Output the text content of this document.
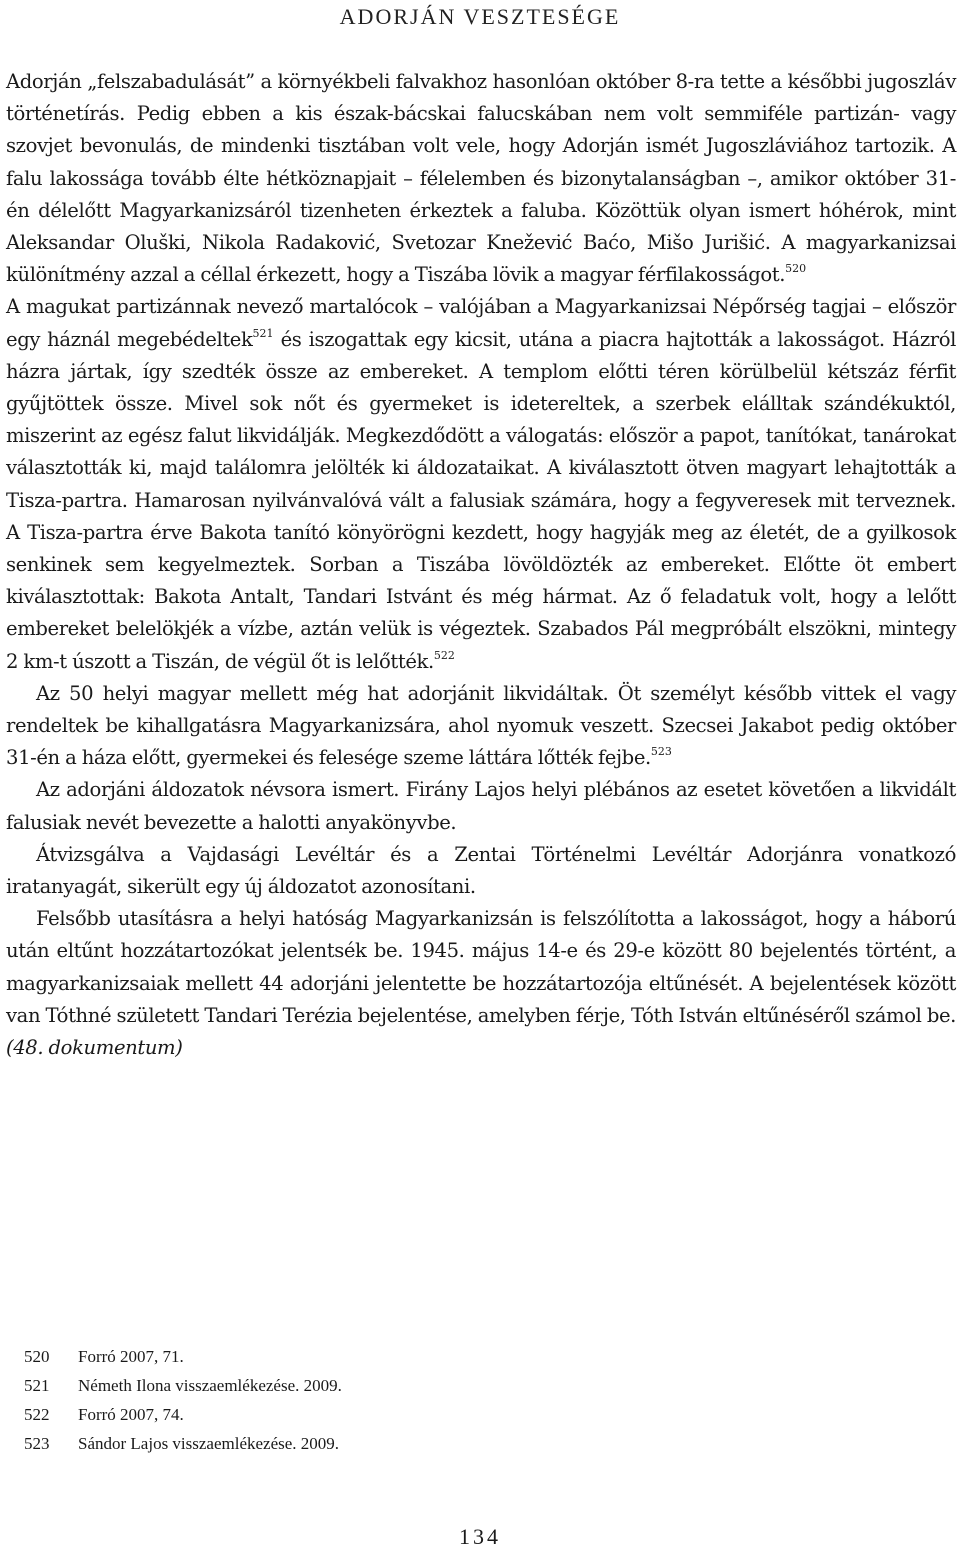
ADORJÁN VESZTESÉGE

Adorján „felszabadulását” a környékbeli falvakhoz hasonlóan október 8-ra tette a későbbi jugoszláv történetírás. Pedig ebben a kis észak-bácskai falucskában nem volt semmiféle partizán- vagy szovjet bevonulás, de mindenki tisztában volt vele, hogy Adorján ismét Jugoszláviához tartozik. A falu lakossága tovább élte hétköznapjait – félelemben és bizonytalanságban –, amikor október 31-én délelőtt Magyarkanizsáról tizenheten érkeztek a faluba. Közöttük olyan ismert hóhérok, mint Aleksandar Oluški, Nikola Radaković, Svetozar Knežević Baćo, Mišo Jurišić. A magyarkanizsai különítmény azzal a céllal érkezett, hogy a Tiszába lövik a magyar férfilakosságot.$^{520}$

A magukat partizánnak nevező martalócok – valójában a Magyarkanizsai Népőrség tagjai – először egy háznál megebédeltek$^{521}$ és iszogattak egy kicsit, utána a piacra hajtották a lakosságot. Házról házra jártak, így szedték össze az embereket. A templom előtti téren körülbelül kétszáz férfit gyűjtöttek össze. Mivel sok nőt és gyermeket is idetereltek, a szerbek elálltak szándékuktól, miszerint az egész falut likvidálják. Megkezdődött a válogatás: először a papot, tanítókat, tanárokat választották ki, majd találomra jelölték ki áldozataikat. A kiválasztott ötven magyart lehajtották a Tisza-partra. Hamarosan nyilvánvalóvá vált a falusiak számára, hogy a fegyveresek mit terveznek. A Tisza-partra érve Bakota tanító könyörögni kezdett, hogy hagyják meg az életét, de a gyilkosok senkinek sem kegyelmeztek. Sorban a Tiszába lövöldözték az embereket. Előtte öt embert kiválasztottak: Bakota Antalt, Tandari Istvánt és még hármat. Az ő feladatuk volt, hogy a lelőtt embereket belelökjék a vízbe, aztán velük is végeztek. Szabados Pál megpróbált elszökni, mintegy 2 km-t úszott a Tiszán, de végül őt is lelőtték.$^{522}$

Az 50 helyi magyar mellett még hat adorjánit likvidáltak. Öt személyt később vittek el vagy rendeltek be kihallgatásra Magyarkanizsára, ahol nyomuk veszett. Szecsei Jakabot pedig október 31-én a háza előtt, gyermekei és felesége szeme láttára lőtték fejbe.$^{523}$

Az adorjáni áldozatok névsora ismert. Firány Lajos helyi plébános az esetet követően a likvidált falusiak nevét bevezette a halotti anyakönyvbe.

Átvizsgálva a Vajdasági Levéltár és a Zentai Történelmi Levéltár Adorjánra vonatkozó iratanyagát, sikerült egy új áldozatot azonosítani.

Felsőbb utasításra a helyi hatóság Magyarkanizsán is felszólította a lakosságot, hogy a háború után eltűnt hozzátartozókat jelentsék be. 1945. május 14-e és 29-e között 80 bejelentés történt, a magyarkanizsaiak mellett 44 adorjáni jelentette be hozzátartozója eltűnését. A bejelentések között van Tóthné született Tandari Terézia bejelentése, amelyben férje, Tóth István eltűnéséről számol be. (48. dokumentum)

520	Forró 2007, 71.
521	Németh Ilona visszaemlékezése. 2009.
522	Forró 2007, 74.
523	Sándor Lajos visszaemlékezése. 2009.
134
